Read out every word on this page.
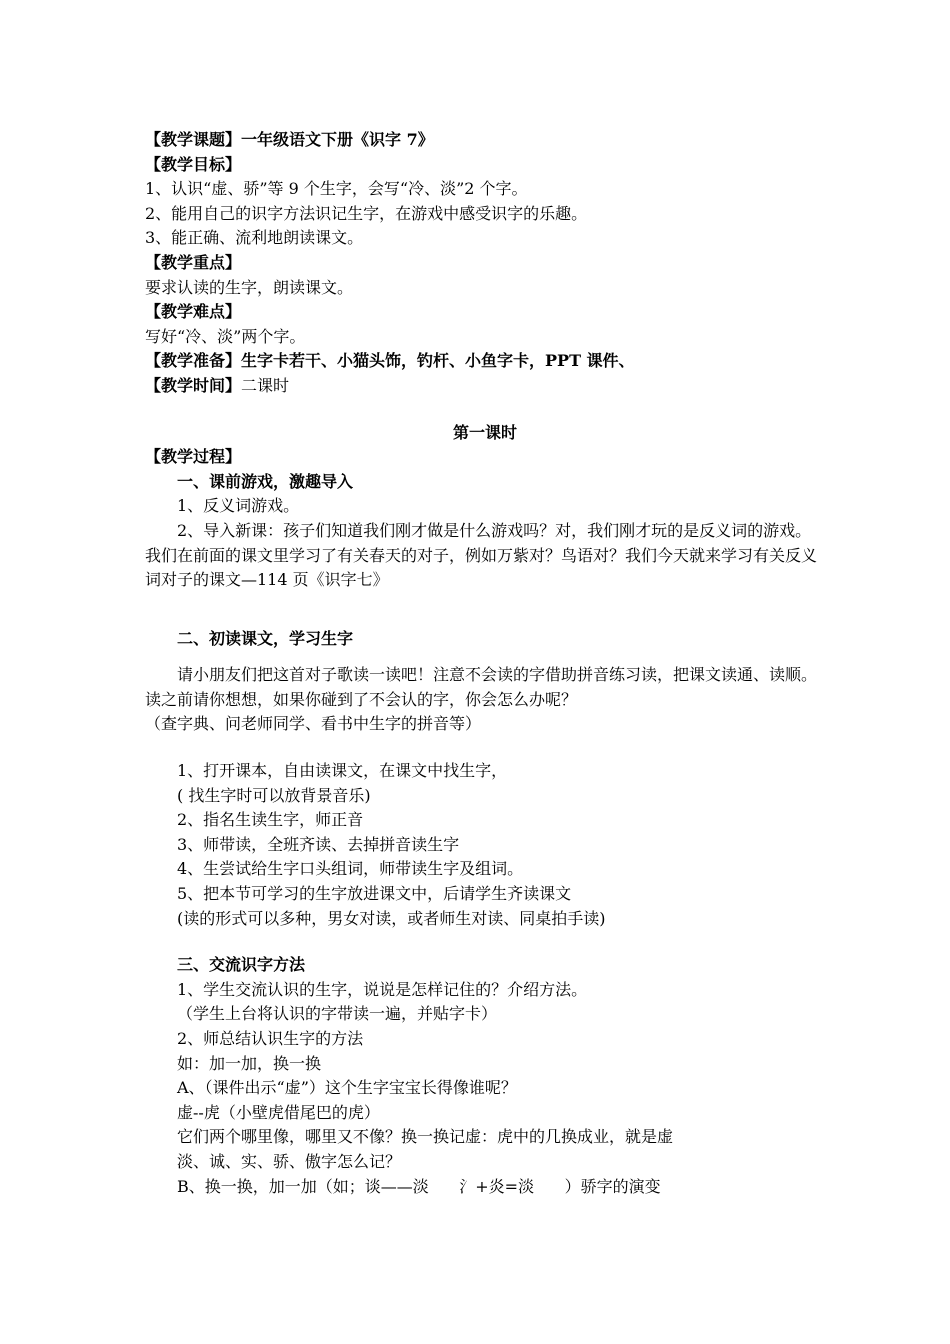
【教学课题】一年级语文下册《识字 7》
【教学目标】
1、认识“虚、骄”等 9 个生字，会写“冷、淡”2 个字。
2、能用自己的识字方法识记生字，在游戏中感受识字的乐趣。
3、能正确、流利地朗读课文。
【教学重点】
要求认读的生字，朗读课文。
【教学难点】
写好“冷、淡”两个字。
【教学准备】生字卡若干、小猫头饰，钓杆、小鱼字卡，PPT 课件、
【教学时间】二课时
第一课时
【教学过程】
一、课前游戏，激趣导入
1、反义词游戏。
2、导入新课：孩子们知道我们刚才做是什么游戏吗？对，我们刚才玩的是反义词的游戏。我们在前面的课文里学习了有关春天的对子，例如万紫对？鸟语对？我们今天就来学习有关反义词对子的课文—114 页《识字七》
二、初读课文，学习生字
请小朋友们把这首对子歌读一读吧！注意不会读的字借助拼音练习读，把课文读通、读顺。读之前请你想想，如果你碰到了不会认的字，你会怎么办呢？
（查字典、问老师同学、看书中生字的拼音等）
1、打开课本，自由读课文，在课文中找生字，
( 找生字时可以放背景音乐)
2、指名生读生字，师正音
3、师带读，全班齐读、去掉拼音读生字
4、生尝试给生字口头组词，师带读生字及组词。
5、把本节可学习的生字放进课文中，后请学生齐读课文
(读的形式可以多种，男女对读，或者师生对读、同桌拍手读)
三、交流识字方法
1、学生交流认识的生字，说说是怎样记住的？介绍方法。
（学生上台将认识的字带读一遍，并贴字卡）
2、师总结认识生字的方法
如：加一加，换一换
A、（课件出示“虚”）这个生字宝宝长得像谁呢？
虚--虎（小壁虎借尾巴的虎）
它们两个哪里像，哪里又不像？换一换记虚：虎中的几换成业，就是虚
淡、诚、实、骄、傲字怎么记？
B、换一换，加一加（如；谈——淡      氵+炎=淡      ）骄字的演变
